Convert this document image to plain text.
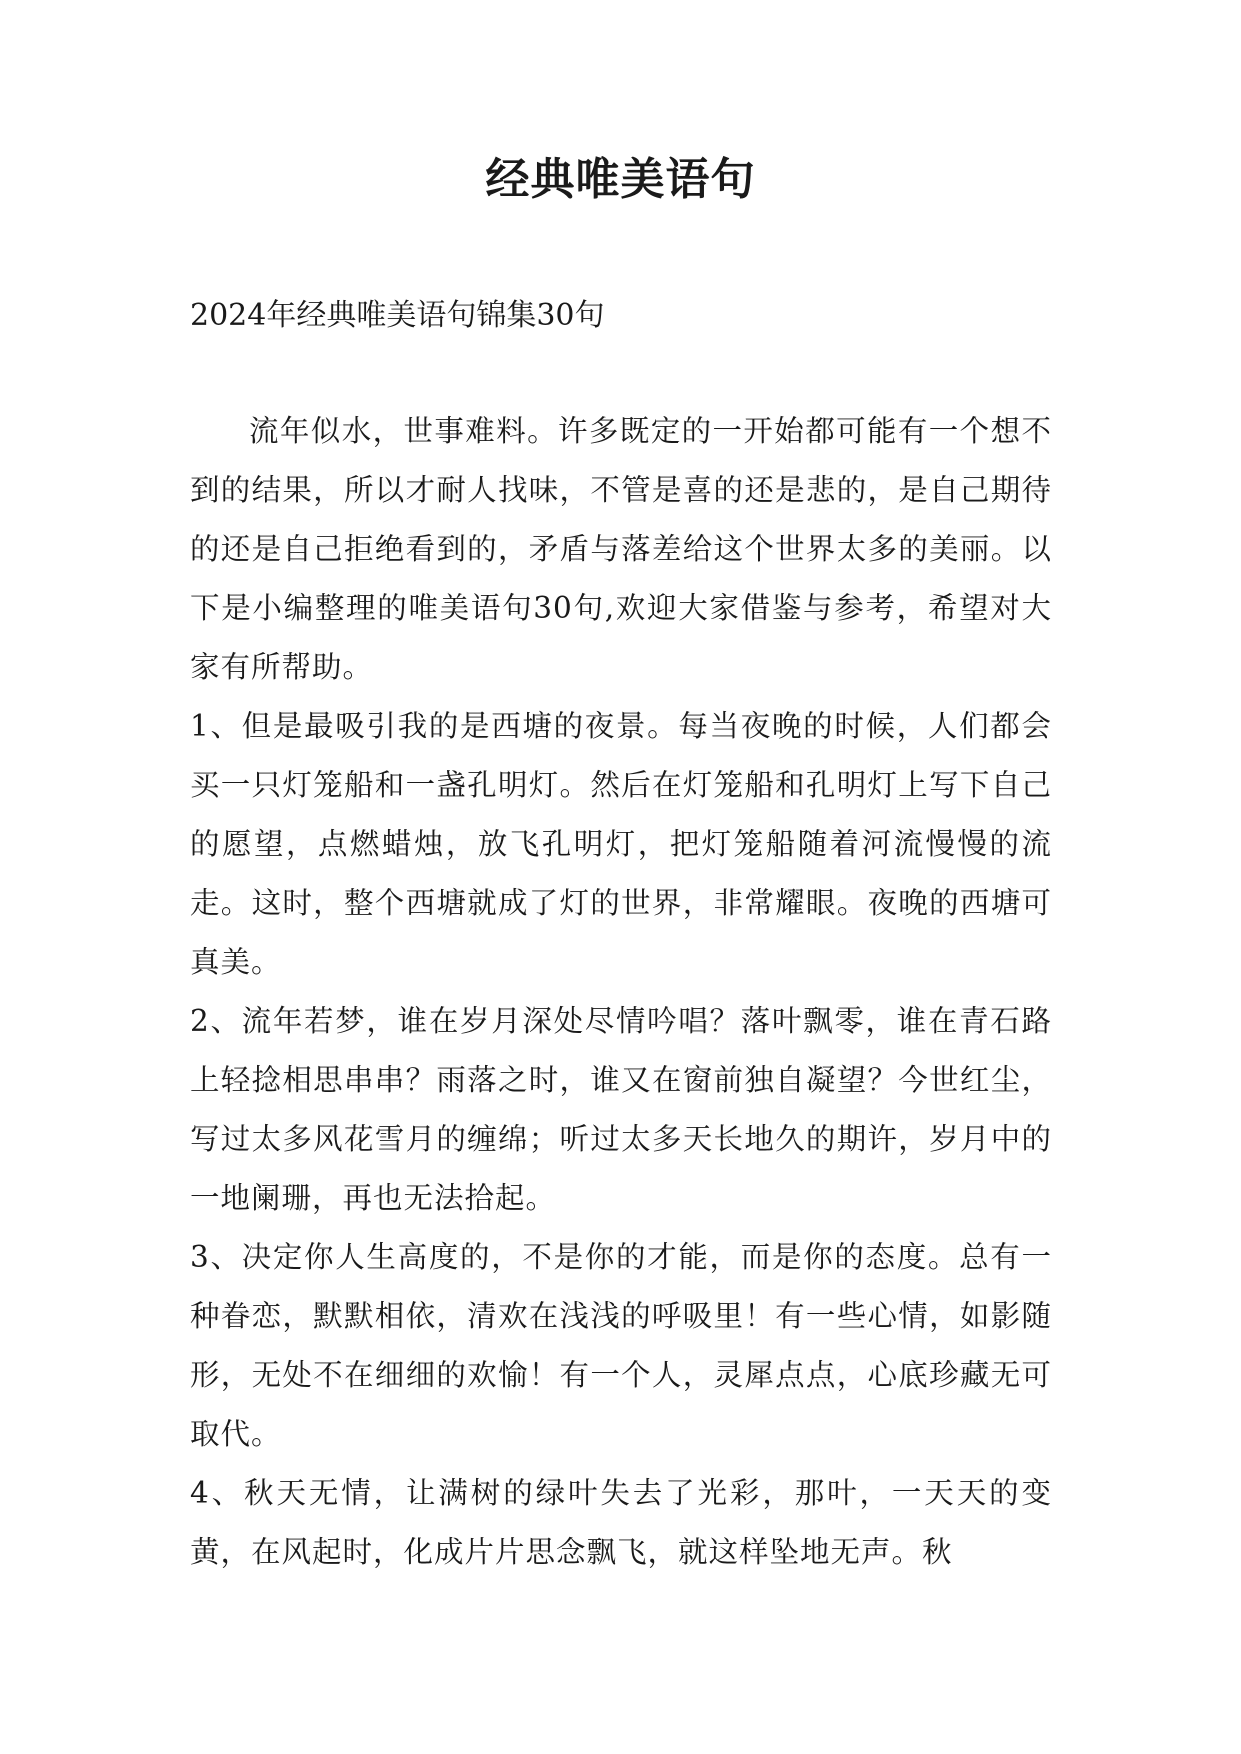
经典唯美语句

2024年经典唯美语句锦集30句

流年似水，世事难料。许多既定的一开始都可能有一个想不到的结果，所以才耐人找味，不管是喜的还是悲的，是自己期待的还是自己拒绝看到的，矛盾与落差给这个世界太多的美丽。以下是小编整理的唯美语句30句,欢迎大家借鉴与参考，希望对大家有所帮助。

1、但是最吸引我的是西塘的夜景。每当夜晚的时候，人们都会买一只灯笼船和一盏孔明灯。然后在灯笼船和孔明灯上写下自己的愿望，点燃蜡烛，放飞孔明灯，把灯笼船随着河流慢慢的流走。这时，整个西塘就成了灯的世界，非常耀眼。夜晚的西塘可真美。

2、流年若梦，谁在岁月深处尽情吟唱？落叶飘零，谁在青石路上轻捻相思串串？雨落之时，谁又在窗前独自凝望？今世红尘，写过太多风花雪月的缠绵；听过太多天长地久的期许，岁月中的一地阑珊，再也无法拾起。

3、决定你人生高度的，不是你的才能，而是你的态度。总有一种眷恋，默默相依，清欢在浅浅的呼吸里！有一些心情，如影随形，无处不在细细的欢愉！有一个人，灵犀点点，心底珍藏无可取代。

4、秋天无情，让满树的绿叶失去了光彩，那叶，一天天的变黄，在风起时，化成片片思念飘飞，就这样坠地无声。秋
